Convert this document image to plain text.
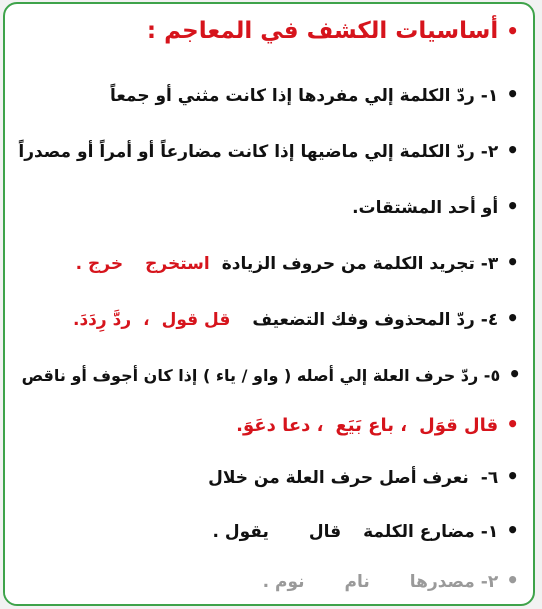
•أساسيات الكشف في المعاجم :
•١- ردّ الكلمة إلي مفردها إذا كانت مثني أو جمعاً
•٢- ردّ الكلمة إلي ماضيها إذا كانت مضارعاً أو أمراً أو مصدراً
•أو أحد المشتقات.
•٣- تجريد الكلمة من حروف الزيادةاستخرجخرج .
•٤- ردّ المحذوف وفك التضعيفقل قول،ردَّ رِدَدَ.
•٥- ردّ حرف العلة إلي أصله ( واو / ياء ) إذا كان أجوف أو ناقص
•قال قوَل، باع بَيَع، دعا دعَوَ.
•٦-نعرف أصل حرف العلة من خلال
•١- مضارع الكلمةقاليقول .
•٢- مصدرهانامنوم .
